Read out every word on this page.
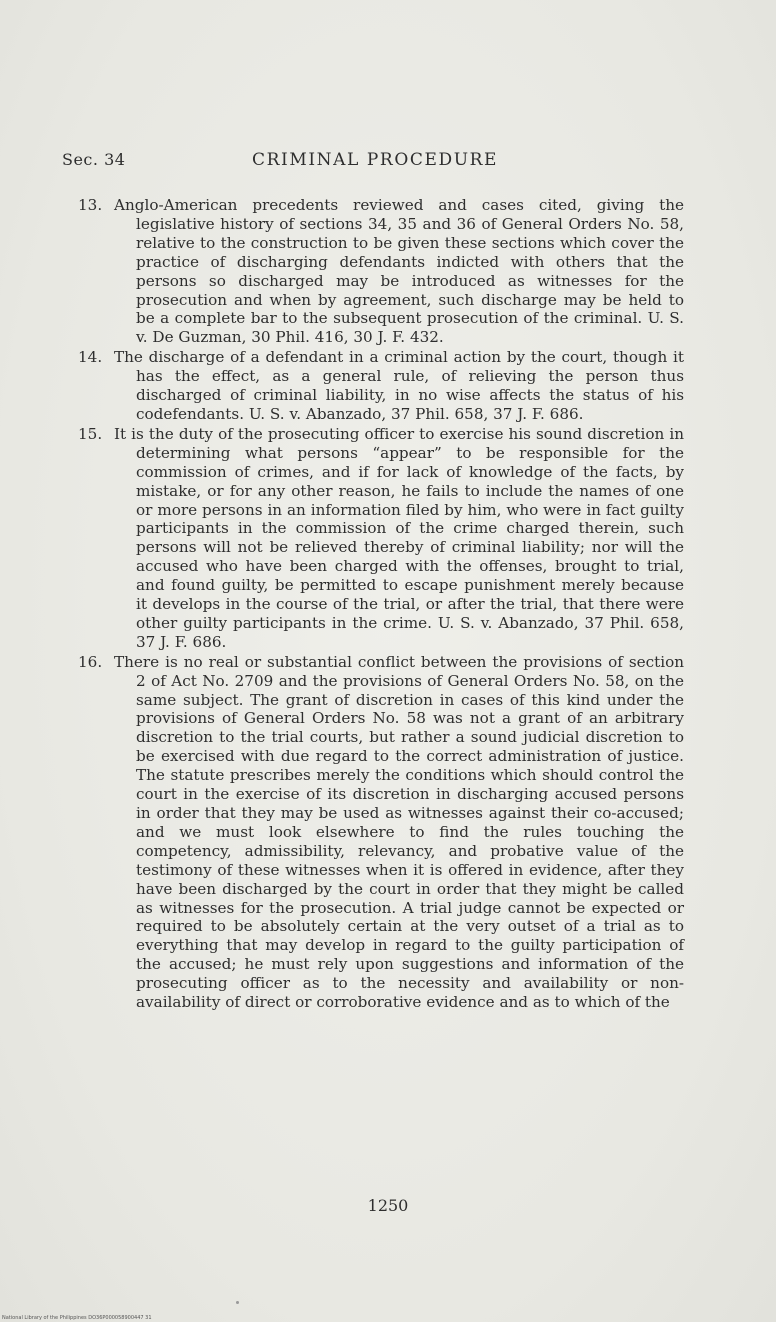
Sec. 34	CRIMINAL PROCEDURE

13. Anglo-American precedents reviewed and cases cited, giving the legislative history of sections 34, 35 and 36 of General Orders No. 58, relative to the construction to be given these sections which cover the practice of discharging defendants indicted with others that the persons so discharged may be introduced as witnesses for the prosecution and when by agreement, such discharge may be held to be a complete bar to the subsequent prosecution of the criminal. U. S. v. De Guzman, 30 Phil. 416, 30 J. F. 432.

14. The discharge of a defendant in a criminal action by the court, though it has the effect, as a general rule, of relieving the person thus discharged of criminal liability, in no wise affects the status of his codefendants. U. S. v. Abanzado, 37 Phil. 658, 37 J. F. 686.

15. It is the duty of the prosecuting officer to exercise his sound discretion in determining what persons “appear” to be responsible for the commission of crimes, and if for lack of knowledge of the facts, by mistake, or for any other reason, he fails to include the names of one or more persons in an information filed by him, who were in fact guilty participants in the commission of the crime charged therein, such persons will not be relieved thereby of criminal liability; nor will the accused who have been charged with the offenses, brought to trial, and found guilty, be permitted to escape punishment merely because it develops in the course of the trial, or after the trial, that there were other guilty participants in the crime. U. S. v. Abanzado, 37 Phil. 658, 37 J. F. 686.

16. There is no real or substantial conflict between the provisions of section 2 of Act No. 2709 and the provisions of General Orders No. 58, on the same subject. The grant of discretion in cases of this kind under the provisions of General Orders No. 58 was not a grant of an arbitrary discretion to the trial courts, but rather a sound judicial discretion to be exercised with due regard to the correct administration of justice. The statute prescribes merely the conditions which should control the court in the exercise of its discretion in discharging accused persons in order that they may be used as witnesses against their co-accused; and we must look elsewhere to find the rules touching the competency, admissibility, relevancy, and probative value of the testimony of these witnesses when it is offered in evidence, after they have been discharged by the court in order that they might be called as witnesses for the prosecution. A trial judge cannot be expected or required to be absolutely certain at the very outset of a trial as to everything that may develop in regard to the guilty participation of the accused; he must rely upon suggestions and information of the prosecuting officer as to the necessity and availability or non-availability of direct or corroborative evidence and as to which of the

1250
National Library of the Philippines DO36P000058900447 31
